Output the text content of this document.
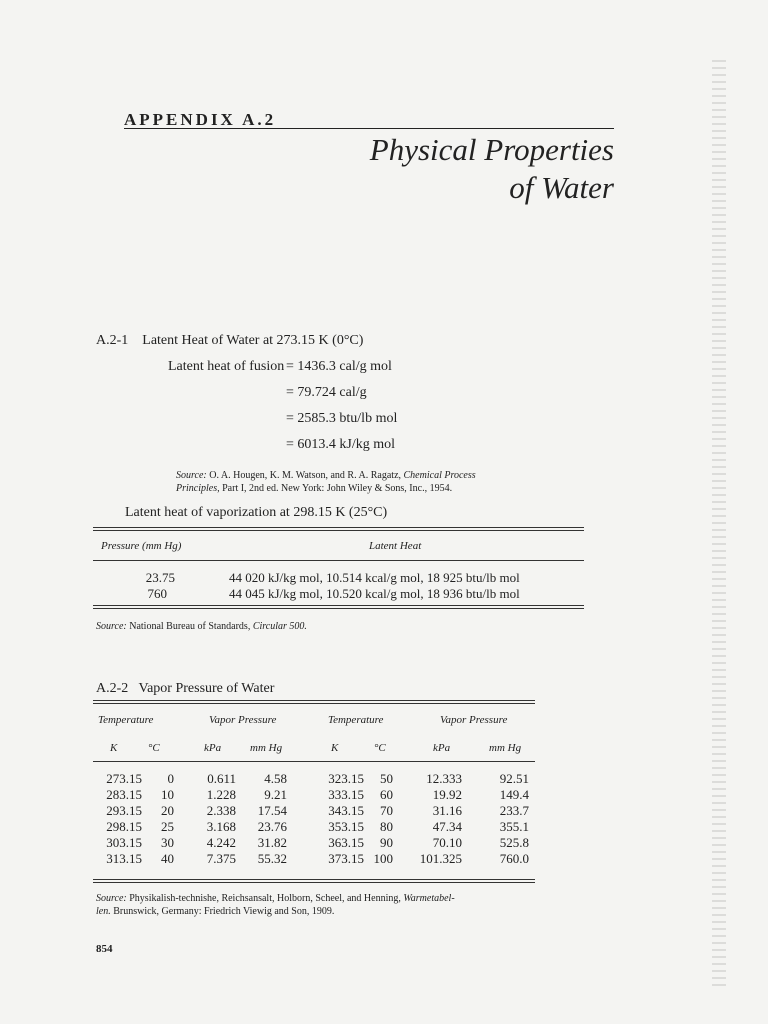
APPENDIX A.2
Physical Properties
of Water
A.2-1 Latent Heat of Water at 273.15 K (0°C)
Latent heat of fusion = 1436.3 cal/g mol
= 79.724 cal/g
= 2585.3 btu/lb mol
= 6013.4 kJ/kg mol
Source: O. A. Hougen, K. M. Watson, and R. A. Ragatz, Chemical Process
Principles, Part I, 2nd ed. New York: John Wiley & Sons, Inc., 1954.
Latent heat of vaporization at 298.15 K (25°C)
Pressure (mm Hg)	Latent Heat
23.75	44 020 kJ/kg mol, 10.514 kcal/g mol, 18 925 btu/lb mol
760	44 045 kJ/kg mol, 10.520 kcal/g mol, 18 936 btu/lb mol
Source: National Bureau of Standards, Circular 500.
A.2-2 Vapor Pressure of Water
Temperature	Vapor Pressure	Temperature	Vapor Pressure
K	°C	kPa	mm Hg	K	°C	kPa	mm Hg
273.15	0	0.611	4.58	323.15	50	12.333	92.51
283.15	10	1.228	9.21	333.15	60	19.92	149.4
293.15	20	2.338	17.54	343.15	70	31.16	233.7
298.15	25	3.168	23.76	353.15	80	47.34	355.1
303.15	30	4.242	31.82	363.15	90	70.10	525.8
313.15	40	7.375	55.32	373.15 100	101.325	760.0
Source: Physikalish-technishe, Reichsansalt, Holborn, Scheel, and Henning, Warmetabel-
len. Brunswick, Germany: Friedrich Viewig and Son, 1909.
854
